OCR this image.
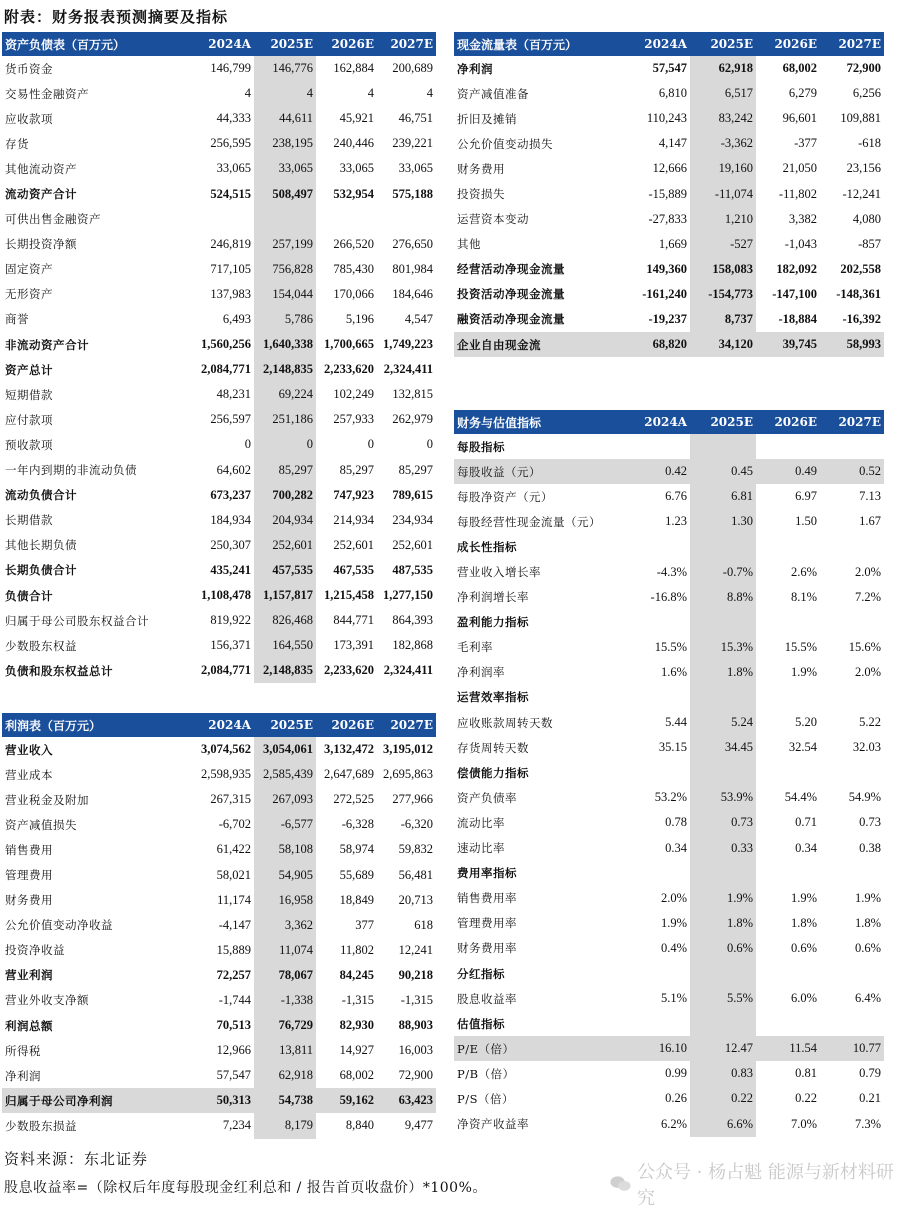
附表：财务报表预测摘要及指标
资产负债表（百万元）	2024A	2025E	2026E	2027E
货币资金	146,799	146,776	162,884	200,689
交易性金融资产	4	4	4	4
应收款项	44,333	44,611	45,921	46,751
存货	256,595	238,195	240,446	239,221
其他流动资产	33,065	33,065	33,065	33,065
流动资产合计	524,515	508,497	532,954	575,188
可供出售金融资产				
长期投资净额	246,819	257,199	266,520	276,650
固定资产	717,105	756,828	785,430	801,984
无形资产	137,983	154,044	170,066	184,646
商誉	6,493	5,786	5,196	4,547
非流动资产合计	1,560,256	1,640,338	1,700,665	1,749,223
资产总计	2,084,771	2,148,835	2,233,620	2,324,411
短期借款	48,231	69,224	102,249	132,815
应付款项	256,597	251,186	257,933	262,979
预收款项	0	0	0	0
一年内到期的非流动负债	64,602	85,297	85,297	85,297
流动负债合计	673,237	700,282	747,923	789,615
长期借款	184,934	204,934	214,934	234,934
其他长期负债	250,307	252,601	252,601	252,601
长期负债合计	435,241	457,535	467,535	487,535
负债合计	1,108,478	1,157,817	1,215,458	1,277,150
归属于母公司股东权益合计	819,922	826,468	844,771	864,393
少数股东权益	156,371	164,550	173,391	182,868
负债和股东权益总计	2,084,771	2,148,835	2,233,620	2,324,411
利润表（百万元）	2024A	2025E	2026E	2027E
营业收入	3,074,562	3,054,061	3,132,472	3,195,012
营业成本	2,598,935	2,585,439	2,647,689	2,695,863
营业税金及附加	267,315	267,093	272,525	277,966
资产减值损失	-6,702	-6,577	-6,328	-6,320
销售费用	61,422	58,108	58,974	59,832
管理费用	58,021	54,905	55,689	56,481
财务费用	11,174	16,958	18,849	20,713
公允价值变动净收益	-4,147	3,362	377	618
投资净收益	15,889	11,074	11,802	12,241
营业利润	72,257	78,067	84,245	90,218
营业外收支净额	-1,744	-1,338	-1,315	-1,315
利润总额	70,513	76,729	82,930	88,903
所得税	12,966	13,811	14,927	16,003
净利润	57,547	62,918	68,002	72,900
归属于母公司净利润	50,313	54,738	59,162	63,423
少数股东损益	7,234	8,179	8,840	9,477
现金流量表（百万元）	2024A	2025E	2026E	2027E
净利润	57,547	62,918	68,002	72,900
资产减值准备	6,810	6,517	6,279	6,256
折旧及摊销	110,243	83,242	96,601	109,881
公允价值变动损失	4,147	-3,362	-377	-618
财务费用	12,666	19,160	21,050	23,156
投资损失	-15,889	-11,074	-11,802	-12,241
运营资本变动	-27,833	1,210	3,382	4,080
其他	1,669	-527	-1,043	-857
经营活动净现金流量	149,360	158,083	182,092	202,558
投资活动净现金流量	-161,240	-154,773	-147,100	-148,361
融资活动净现金流量	-19,237	8,737	-18,884	-16,392
企业自由现金流	68,820	34,120	39,745	58,993
财务与估值指标	2024A	2025E	2026E	2027E
每股指标				
每股收益（元）	0.42	0.45	0.49	0.52
每股净资产（元）	6.76	6.81	6.97	7.13
每股经营性现金流量（元）	1.23	1.30	1.50	1.67
成长性指标				
营业收入增长率	-4.3%	-0.7%	2.6%	2.0%
净利润增长率	-16.8%	8.8%	8.1%	7.2%
盈利能力指标				
毛利率	15.5%	15.3%	15.5%	15.6%
净利润率	1.6%	1.8%	1.9%	2.0%
运营效率指标				
应收账款周转天数	5.44	5.24	5.20	5.22
存货周转天数	35.15	34.45	32.54	32.03
偿债能力指标				
资产负债率	53.2%	53.9%	54.4%	54.9%
流动比率	0.78	0.73	0.71	0.73
速动比率	0.34	0.33	0.34	0.38
费用率指标				
销售费用率	2.0%	1.9%	1.9%	1.9%
管理费用率	1.9%	1.8%	1.8%	1.8%
财务费用率	0.4%	0.6%	0.6%	0.6%
分红指标				
股息收益率	5.1%	5.5%	6.0%	6.4%
估值指标				
P/E（倍）	16.10	12.47	11.54	10.77
P/B（倍）	0.99	0.83	0.81	0.79
P/S（倍）	0.26	0.22	0.22	0.21
净资产收益率	6.2%	6.6%	7.0%	7.3%
资料来源：东北证券
股息收益率=（除权后年度每股现金红利总和 / 报告首页收盘价）*100%。
公众号 · 杨占魁 能源与新材料研究
